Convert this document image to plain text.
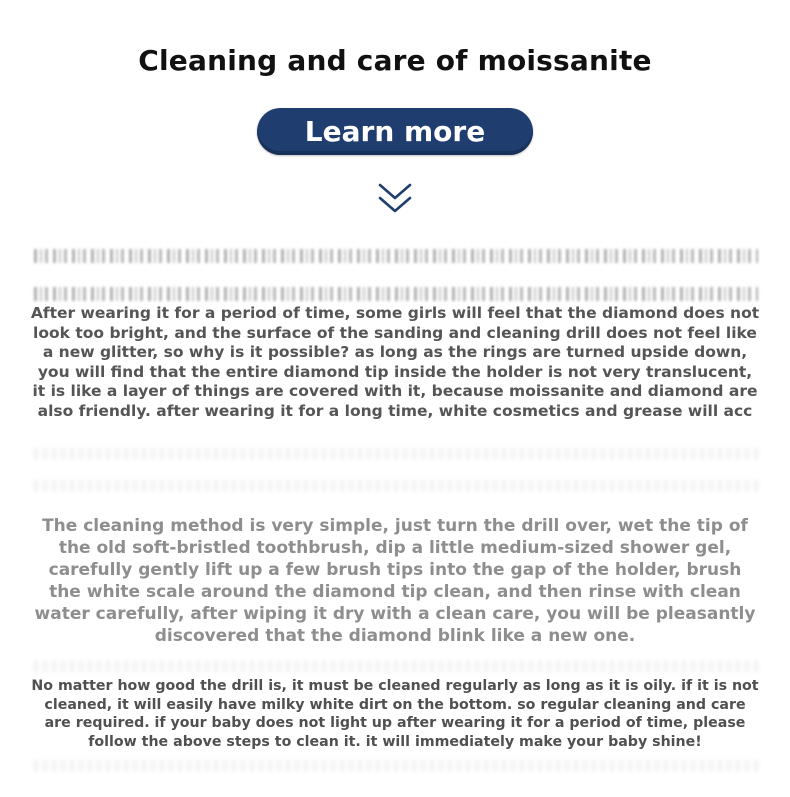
Cleaning and care of moissanite
Learn more

After wearing it for a period of time, some girls will feel that the diamond does not look too bright, and the surface of the sanding and cleaning drill does not feel like a new glitter, so why is it possible? as long as the rings are turned upside down, you will find that the entire diamond tip inside the holder is not very translucent, it is like a layer of things are covered with it, because moissanite and diamond are also friendly. after wearing it for a long time, white cosmetics and grease will acc

The cleaning method is very simple, just turn the drill over, wet the tip of the old soft-bristled toothbrush, dip a little medium-sized shower gel, carefully gently lift up a few brush tips into the gap of the holder, brush the white scale around the diamond tip clean, and then rinse with clean water carefully, after wiping it dry with a clean care, you will be pleasantly discovered that the diamond blink like a new one.

No matter how good the drill is, it must be cleaned regularly as long as it is oily. if it is not cleaned, it will easily have milky white dirt on the bottom. so regular cleaning and care are required. if your baby does not light up after wearing it for a period of time, please follow the above steps to clean it. it will immediately make your baby shine!
